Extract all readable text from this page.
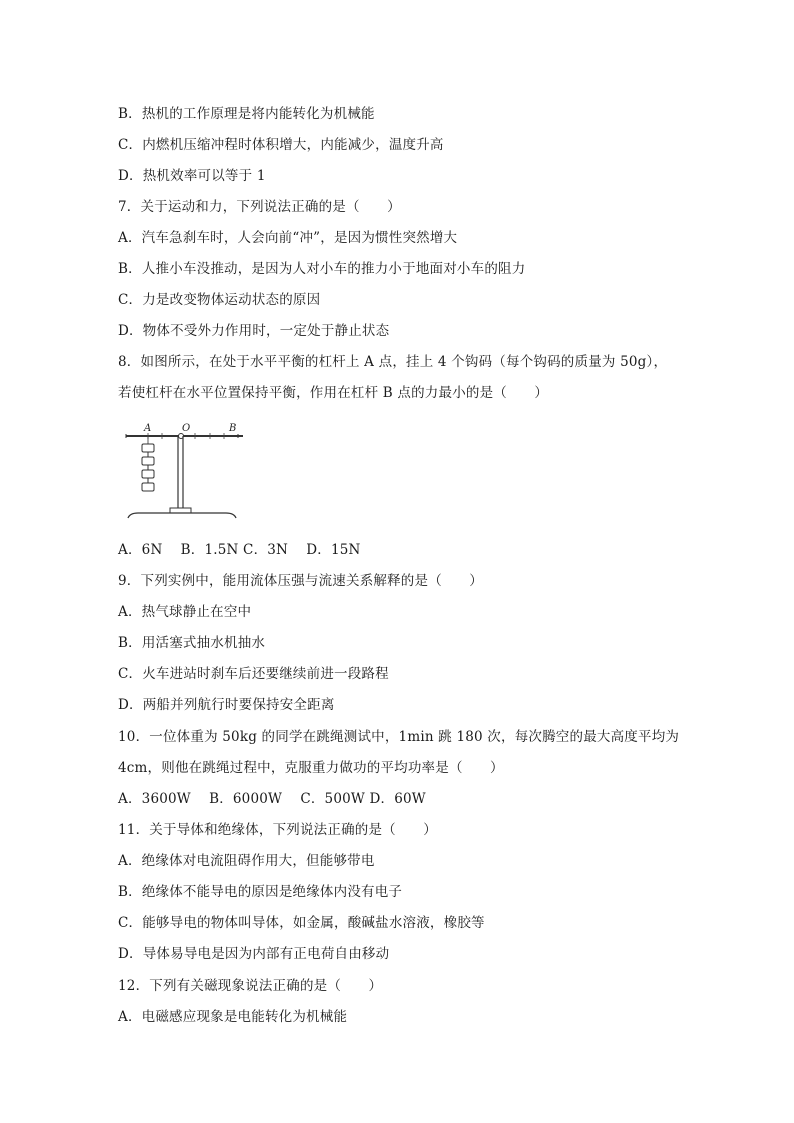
B．热机的工作原理是将内能转化为机械能
C．内燃机压缩冲程时体积增大，内能减少，温度升高
D．热机效率可以等于 1
7．关于运动和力，下列说法正确的是（　　）
A．汽车急刹车时，人会向前“冲”，是因为惯性突然增大
B．人推小车没推动，是因为人对小车的推力小于地面对小车的阻力
C．力是改变物体运动状态的原因
D．物体不受外力作用时，一定处于静止状态
8．如图所示，在处于水平平衡的杠杆上 A 点，挂上 4 个钩码（每个钩码的质量为 50g），
若使杠杆在水平位置保持平衡，作用在杠杆 B 点的力最小的是（　　）
A	O	B
A．6N　 B．1.5N C．3N　 D．15N
9．下列实例中，能用流体压强与流速关系解释的是（　　）
A．热气球静止在空中
B．用活塞式抽水机抽水
C．火车进站时刹车后还要继续前进一段路程
D．两船并列航行时要保持安全距离
10．一位体重为 50kg 的同学在跳绳测试中，1min 跳 180 次，每次腾空的最大高度平均为
4cm，则他在跳绳过程中，克服重力做功的平均功率是（　　）
A．3600W　 B．6000W　 C．500W D．60W
11．关于导体和绝缘体，下列说法正确的是（　　）
A．绝缘体对电流阻碍作用大，但能够带电
B．绝缘体不能导电的原因是绝缘体内没有电子
C．能够导电的物体叫导体，如金属，酸碱盐水溶液，橡胶等
D．导体易导电是因为内部有正电荷自由移动
12．下列有关磁现象说法正确的是（　　）
A．电磁感应现象是电能转化为机械能
